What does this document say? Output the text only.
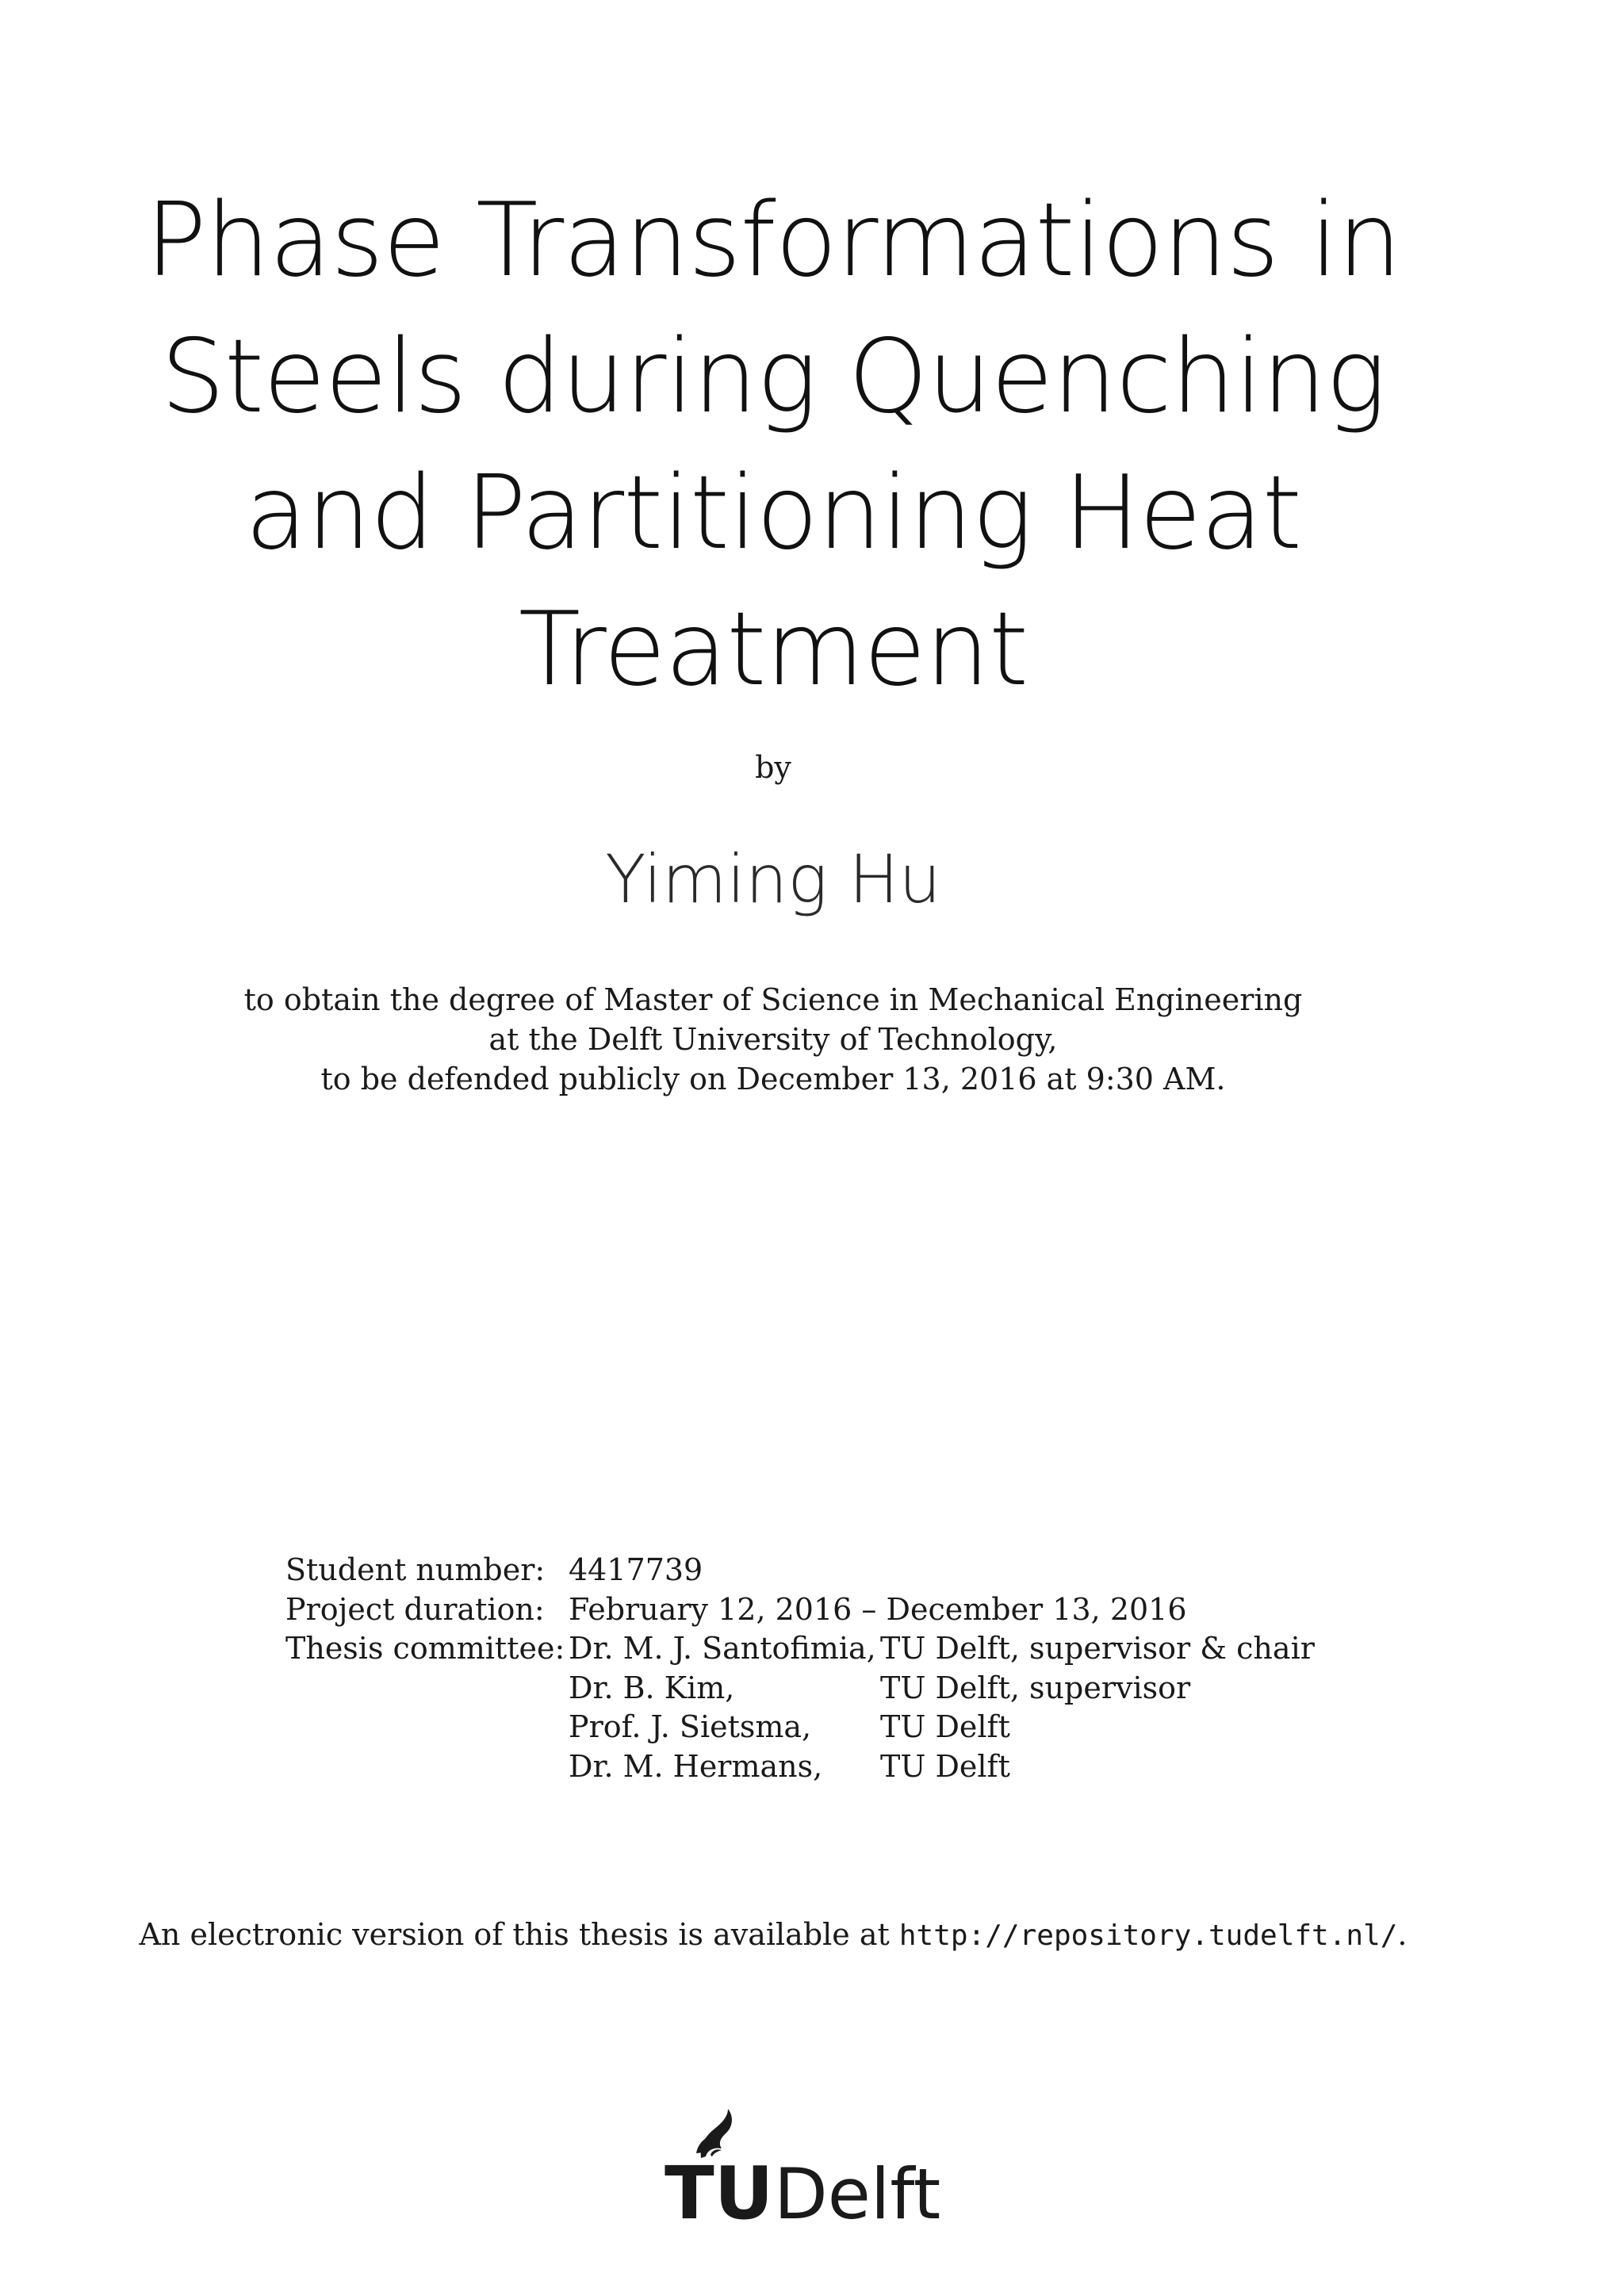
Phase Transformations in
Steels during Quenching
and Partitioning Heat
Treatment
by
Yiming Hu
to obtain the degree of Master of Science in Mechanical Engineering
at the Delft University of Technology,
to be defended publicly on December 13, 2016 at 9:30 AM.
Student number:	4417739	
Project duration:	February 12, 2016 – December 13, 2016	
Thesis committee:	Dr. M. J. Santofimia,	TU Delft, supervisor & chair
	Dr. B. Kim,	TU Delft, supervisor
	Prof. J. Sietsma,	TU Delft
	Dr. M. Hermans,	TU Delft
An electronic version of this thesis is available at http://repository.tudelft.nl/.
TU Delft
